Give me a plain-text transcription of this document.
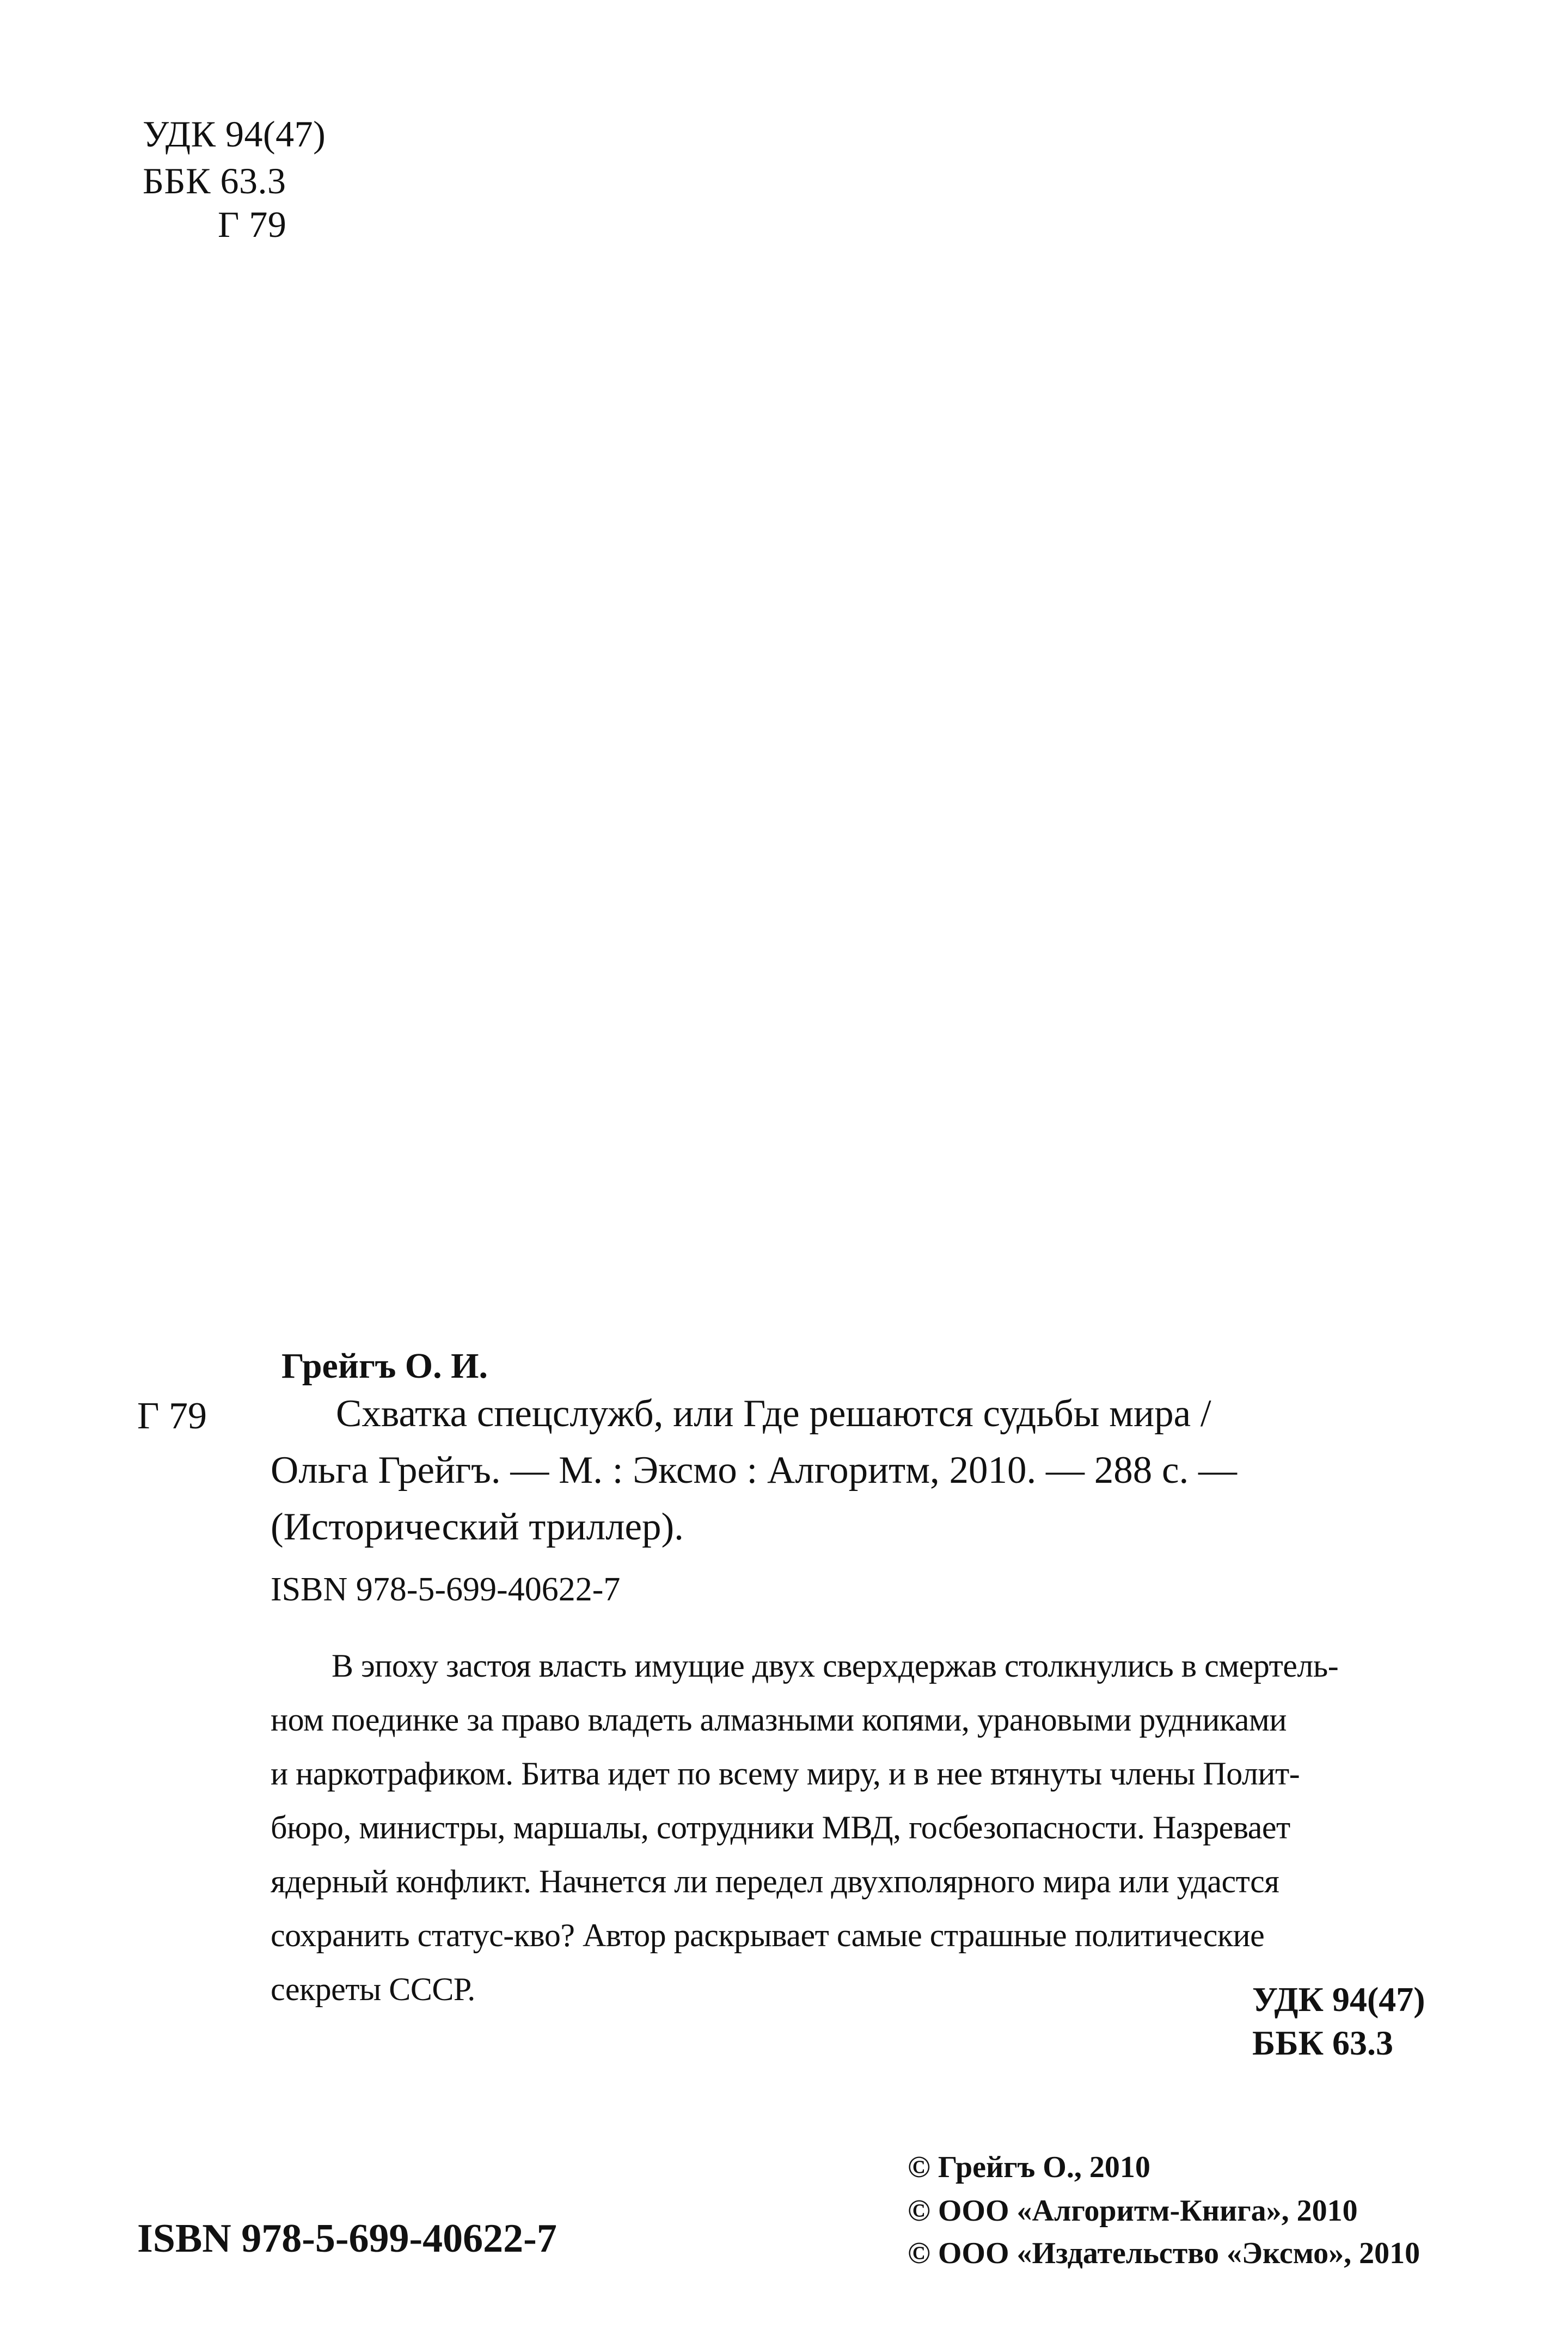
УДК 94(47)
ББК 63.3
Г 79
Грейгъ О. И.
Г 79	Схватка спецслужб, или Где решаются судьбы мира /
Ольга Грейгъ. — М. : Эксмо : Алгоритм, 2010. — 288 с. —
(Исторический триллер).
ISBN 978-5-699-40622-7
В эпоху застоя власть имущие двух сверхдержав столкнулись в смертель-
ном поединке за право владеть алмазными копями, урановыми рудниками
и наркотрафиком. Битва идет по всему миру, и в нее втянуты члены Полит-
бюро, министры, маршалы, сотрудники МВД, госбезопасности. Назревает
ядерный конфликт. Начнется ли передел двухполярного мира или удастся
сохранить статус-кво? Автор раскрывает самые страшные политические
секреты СССР.	УДК 94(47)
ББК 63.3
© Грейгъ О., 2010
© ООО «Алгоритм-Книга», 2010
© ООО «Издательство «Эксмо», 2010
ISBN 978-5-699-40622-7
